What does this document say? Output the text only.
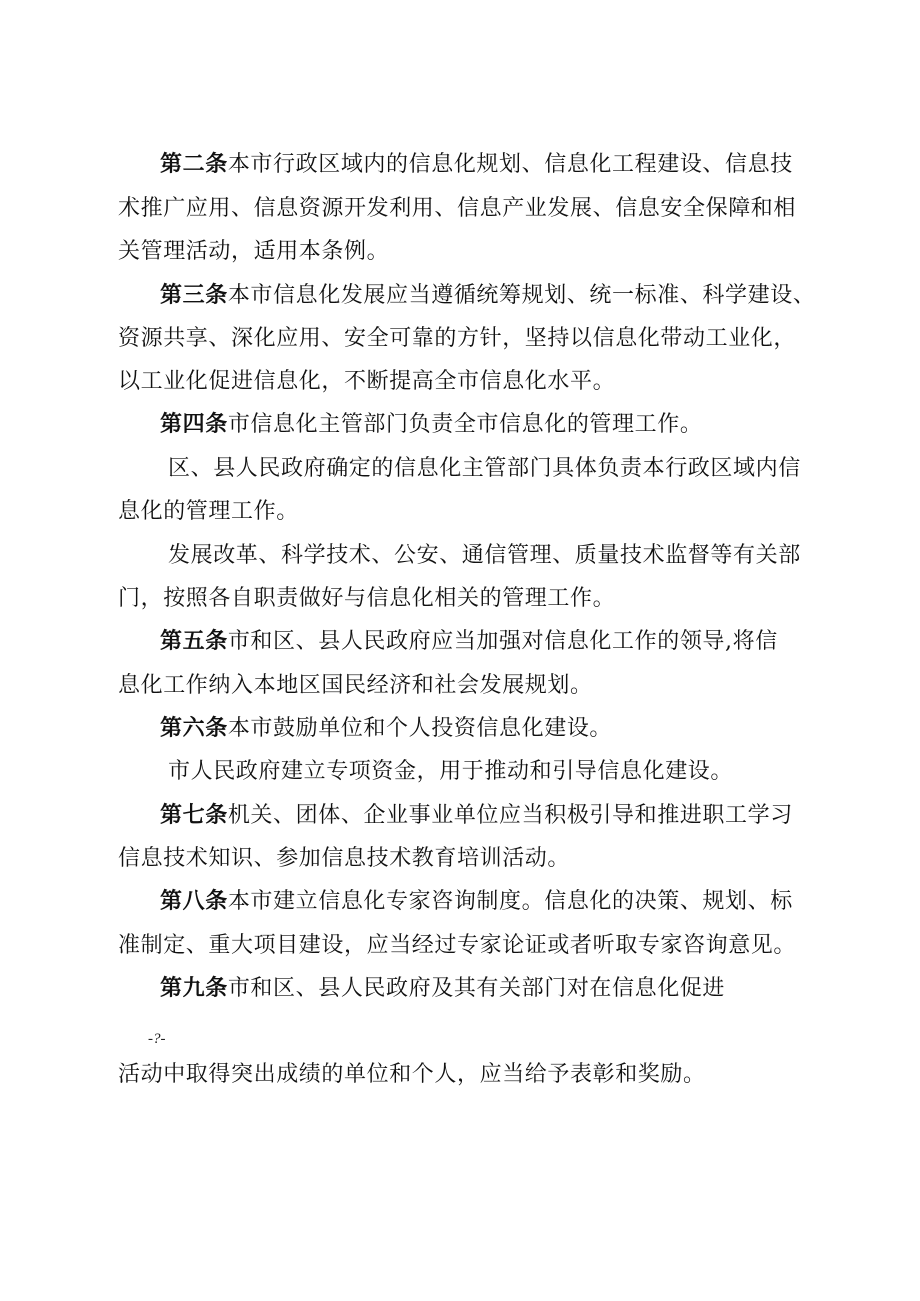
第二条本市行政区域内的信息化规划、信息化工程建设、信息技
术推广应用、信息资源开发利用、信息产业发展、信息安全保障和相
关管理活动，适用本条例。
第三条本市信息化发展应当遵循统筹规划、统一标准、科学建设、
资源共享、深化应用、安全可靠的方针，坚持以信息化带动工业化，
以工业化促进信息化，不断提高全市信息化水平。
第四条市信息化主管部门负责全市信息化的管理工作。
区、县人民政府确定的信息化主管部门具体负责本行政区域内信
息化的管理工作。
发展改革、科学技术、公安、通信管理、质量技术监督等有关部
门，按照各自职责做好与信息化相关的管理工作。
第五条市和区、县人民政府应当加强对信息化工作的领导,将信
息化工作纳入本地区国民经济和社会发展规划。
第六条本市鼓励单位和个人投资信息化建设。
市人民政府建立专项资金，用于推动和引导信息化建设。
第七条机关、团体、企业事业单位应当积极引导和推进职工学习
信息技术知识、参加信息技术教育培训活动。
第八条本市建立信息化专家咨询制度。信息化的决策、规划、标
准制定、重大项目建设，应当经过专家论证或者听取专家咨询意见。
第九条市和区、县人民政府及其有关部门对在信息化促进
-?-
活动中取得突出成绩的单位和个人，应当给予表彰和奖励。
